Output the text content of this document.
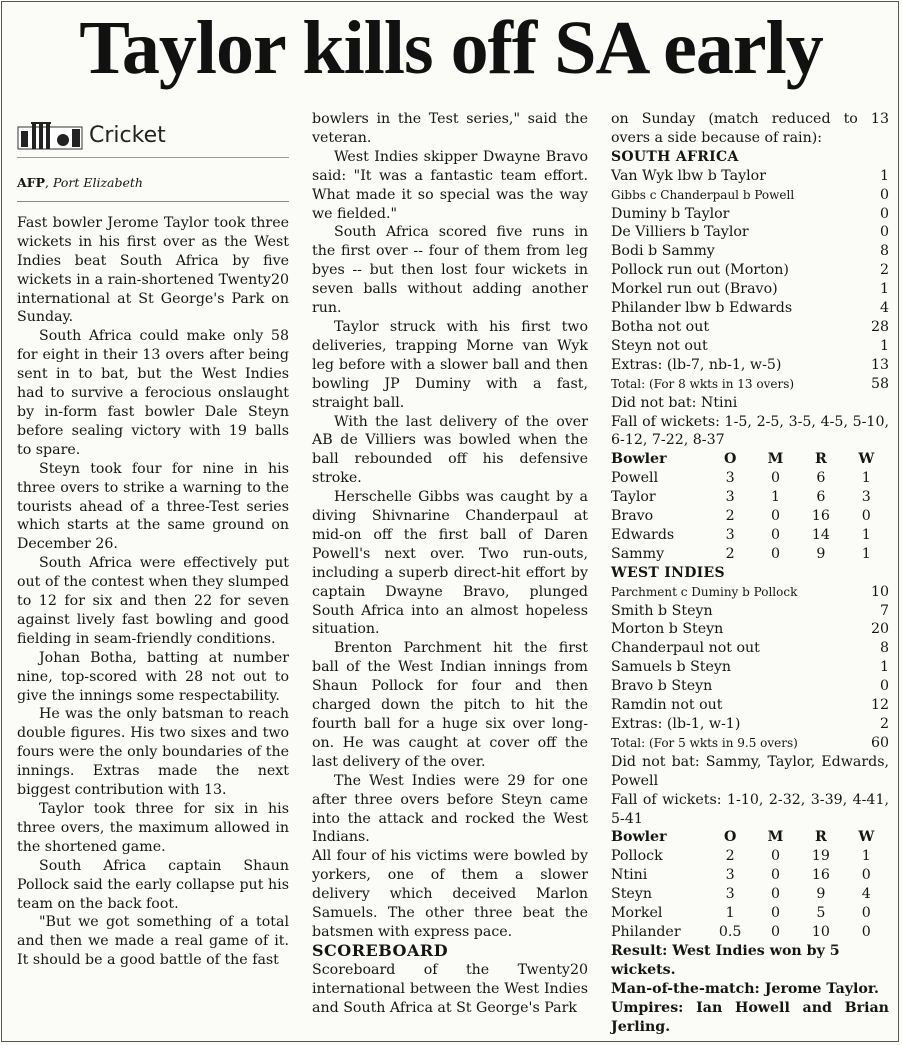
Taylor kills off SA early
Cricket
AFP, Port Elizabeth

Fast bowler Jerome Taylor took three wickets in his first over as the West Indies beat South Africa by five wickets in a rain-shortened Twenty20 international at St George's Park on Sunday.

South Africa could make only 58 for eight in their 13 overs after being sent in to bat, but the West Indies had to survive a ferocious onslaught by in-form fast bowler Dale Steyn before sealing victory with 19 balls to spare.

Steyn took four for nine in his three overs to strike a warning to the tourists ahead of a three-Test series which starts at the same ground on December 26.

South Africa were effectively put out of the contest when they slumped to 12 for six and then 22 for seven against lively fast bowling and good fielding in seam-friendly conditions.

Johan Botha, batting at number nine, top-scored with 28 not out to give the innings some respectability.

He was the only batsman to reach double figures. His two sixes and two fours were the only boundaries of the innings. Extras made the next biggest contribution with 13.

Taylor took three for six in his three overs, the maximum allowed in the shortened game.

South Africa captain Shaun Pollock said the early collapse put his team on the back foot.

"But we got something of a total and then we made a real game of it. It should be a good battle of the fast

bowlers in the Test series," said the veteran.

West Indies skipper Dwayne Bravo said: "It was a fantastic team effort. What made it so special was the way we fielded."

South Africa scored five runs in the first over -- four of them from leg byes -- but then lost four wickets in seven balls without adding another run.

Taylor struck with his first two deliveries, trapping Morne van Wyk leg before with a slower ball and then bowling JP Duminy with a fast, straight ball.

With the last delivery of the over AB de Villiers was bowled when the ball rebounded off his defensive stroke.

Herschelle Gibbs was caught by a diving Shivnarine Chanderpaul at mid-on off the first ball of Daren Powell's next over. Two run-outs, including a superb direct-hit effort by captain Dwayne Bravo, plunged South Africa into an almost hopeless situation.

Brenton Parchment hit the first ball of the West Indian innings from Shaun Pollock for four and then charged down the pitch to hit the fourth ball for a huge six over long-on. He was caught at cover off the last delivery of the over.

The West Indies were 29 for one after three overs before Steyn came into the attack and rocked the West Indians.

All four of his victims were bowled by yorkers, one of them a slower delivery which deceived Marlon Samuels. The other three beat the batsmen with express pace.

SCOREBOARD

Scoreboard of the Twenty20 international between the West Indies and South Africa at St George's Park

on Sunday (match reduced to 13 overs a side because of rain):

SOUTH AFRICA
Van Wyk lbw b Taylor	1
Gibbs c Chanderpaul b Powell	0
Duminy b Taylor	0
De Villiers b Taylor	0
Bodi b Sammy	8
Pollock run out (Morton)	2
Morkel run out (Bravo)	1
Philander lbw b Edwards	4
Botha not out	28
Steyn not out	1
Extras: (lb-7, nb-1, w-5)	13
Total: (For 8 wkts in 13 overs)	58

Did not bat: Ntini

Fall of wickets: 1-5, 2-5, 3-5, 4-5, 5-10, 6-12, 7-22, 8-37

Bowler	O	M	R	W
Powell	3	0	6	1
Taylor	3	1	6	3
Bravo	2	0	16	0
Edwards	3	0	14	1
Sammy	2	0	9	1
WEST INDIES
Parchment c Duminy b Pollock	10
Smith b Steyn	7
Morton b Steyn	20
Chanderpaul not out	8
Samuels b Steyn	1
Bravo b Steyn	0
Ramdin not out	12
Extras: (lb-1, w-1)	2
Total: (For 5 wkts in 9.5 overs)	60

Did not bat: Sammy, Taylor, Edwards, Powell

Fall of wickets: 1-10, 2-32, 3-39, 4-41, 5-41

Bowler	O	M	R	W
Pollock	2	0	19	1
Ntini	3	0	16	0
Steyn	3	0	9	4
Morkel	1	0	5	0
Philander	0.5	0	10	0
Result: West Indies won by 5 wickets.
Man-of-the-match: Jerome Taylor.

Umpires: Ian Howell and Brian Jerling.
